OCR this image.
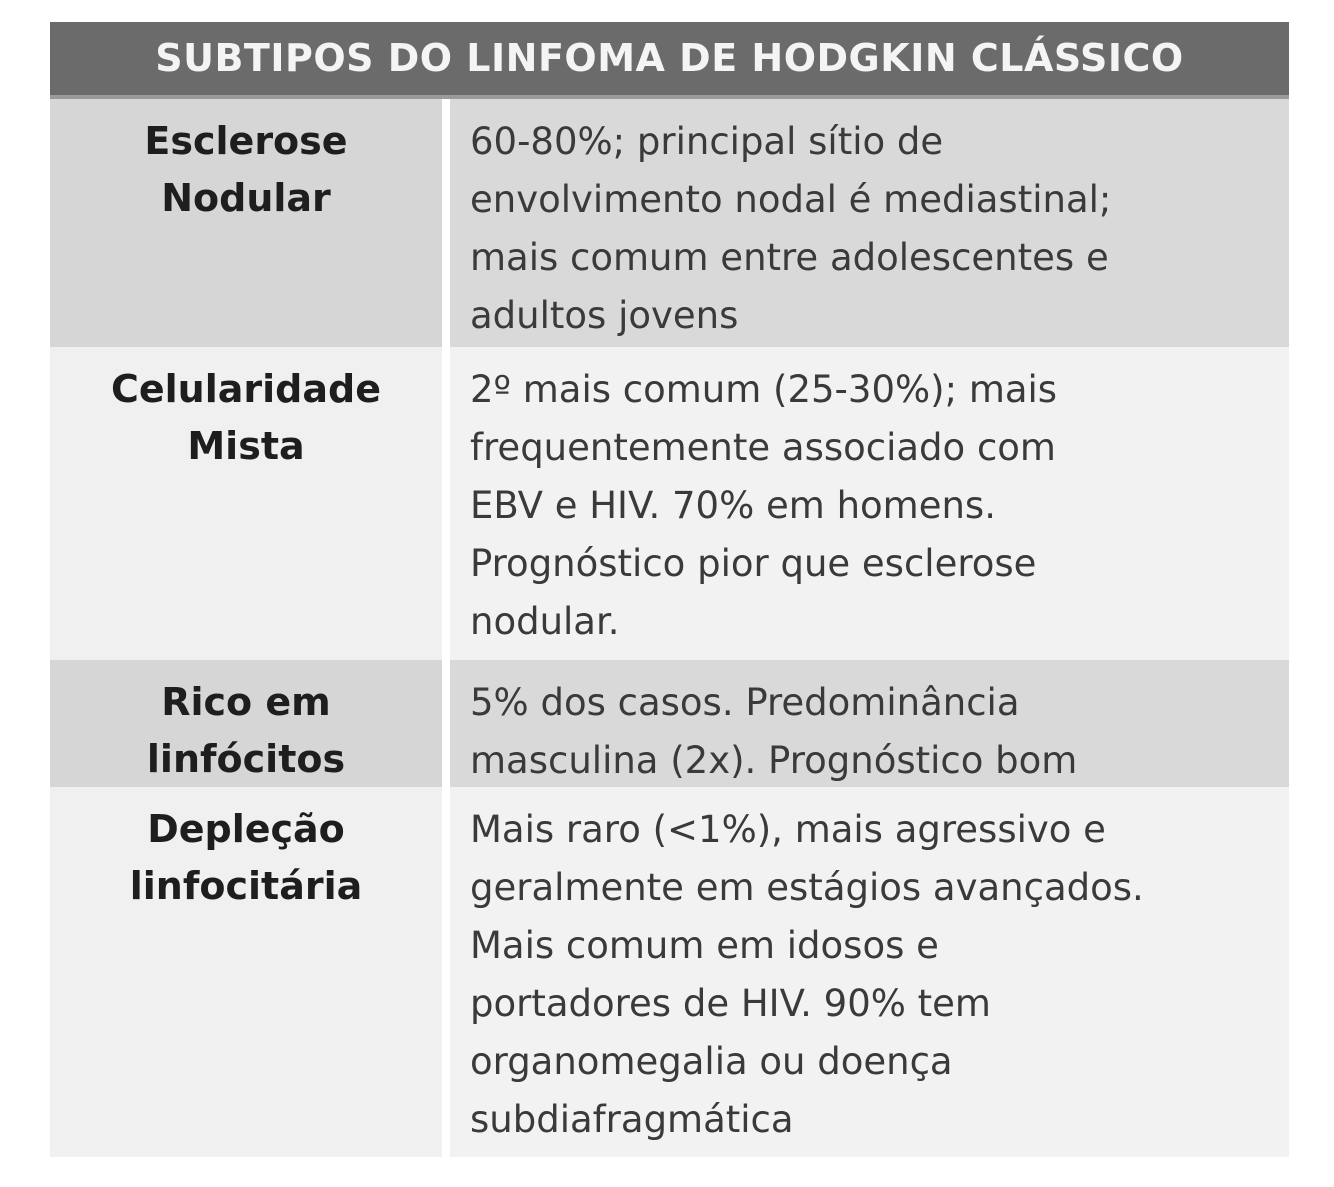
SUBTIPOS DO LINFOMA DE HODGKIN CLÁSSICO
Esclerose
Nodular
60-80%; principal sítio de
envolvimento nodal é mediastinal;
mais comum entre adolescentes e
adultos jovens
Celularidade
Mista
2º mais comum (25-30%); mais
frequentemente associado com
EBV e HIV. 70% em homens.
Prognóstico pior que esclerose
nodular.
Rico em
linfócitos
5% dos casos. Predominância
masculina (2x). Prognóstico bom
Depleção
linfocitária
Mais raro (<1%), mais agressivo e
geralmente em estágios avançados.
Mais comum em idosos e
portadores de HIV. 90% tem
organomegalia ou doença
subdiafragmática
